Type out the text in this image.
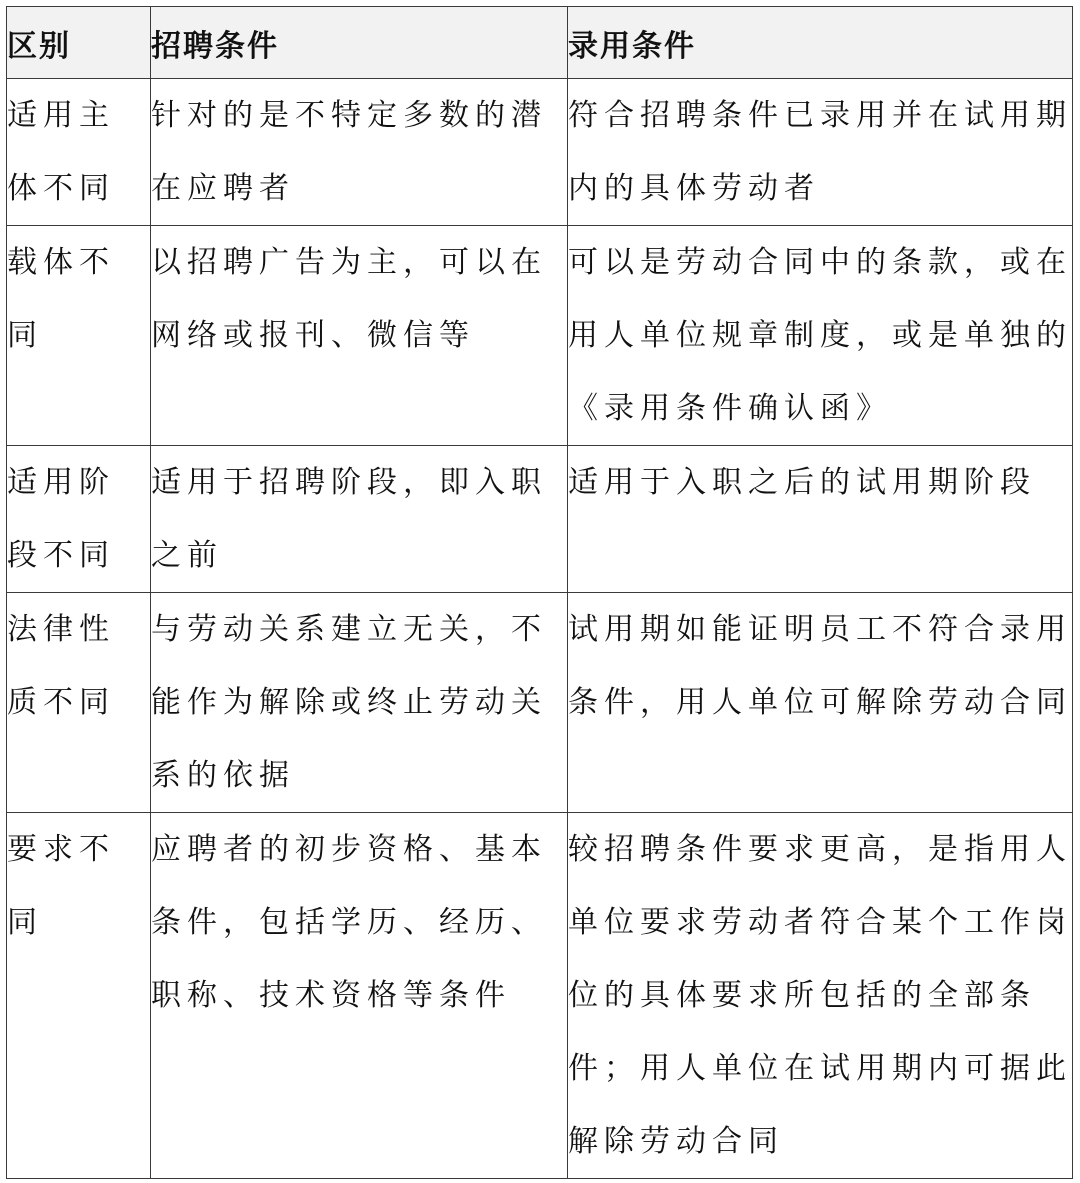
区别	招聘条件	录用条件
适用主体不同	针对的是不特定多数的潜在应聘者	符合招聘条件已录用并在试用期内的具体劳动者
载体不同	以招聘广告为主，可以在网络或报刊、微信等	可以是劳动合同中的条款，或在用人单位规章制度，或是单独的《录用条件确认函》
适用阶段不同	适用于招聘阶段，即入职之前	适用于入职之后的试用期阶段
法律性质不同	与劳动关系建立无关，不能作为解除或终止劳动关系的依据	试用期如能证明员工不符合录用条件，用人单位可解除劳动合同
要求不同	应聘者的初步资格、基本条件，包括学历、经历、职称、技术资格等条件	较招聘条件要求更高，是指用人单位要求劳动者符合某个工作岗位的具体要求所包括的全部条件；用人单位在试用期内可据此解除劳动合同
